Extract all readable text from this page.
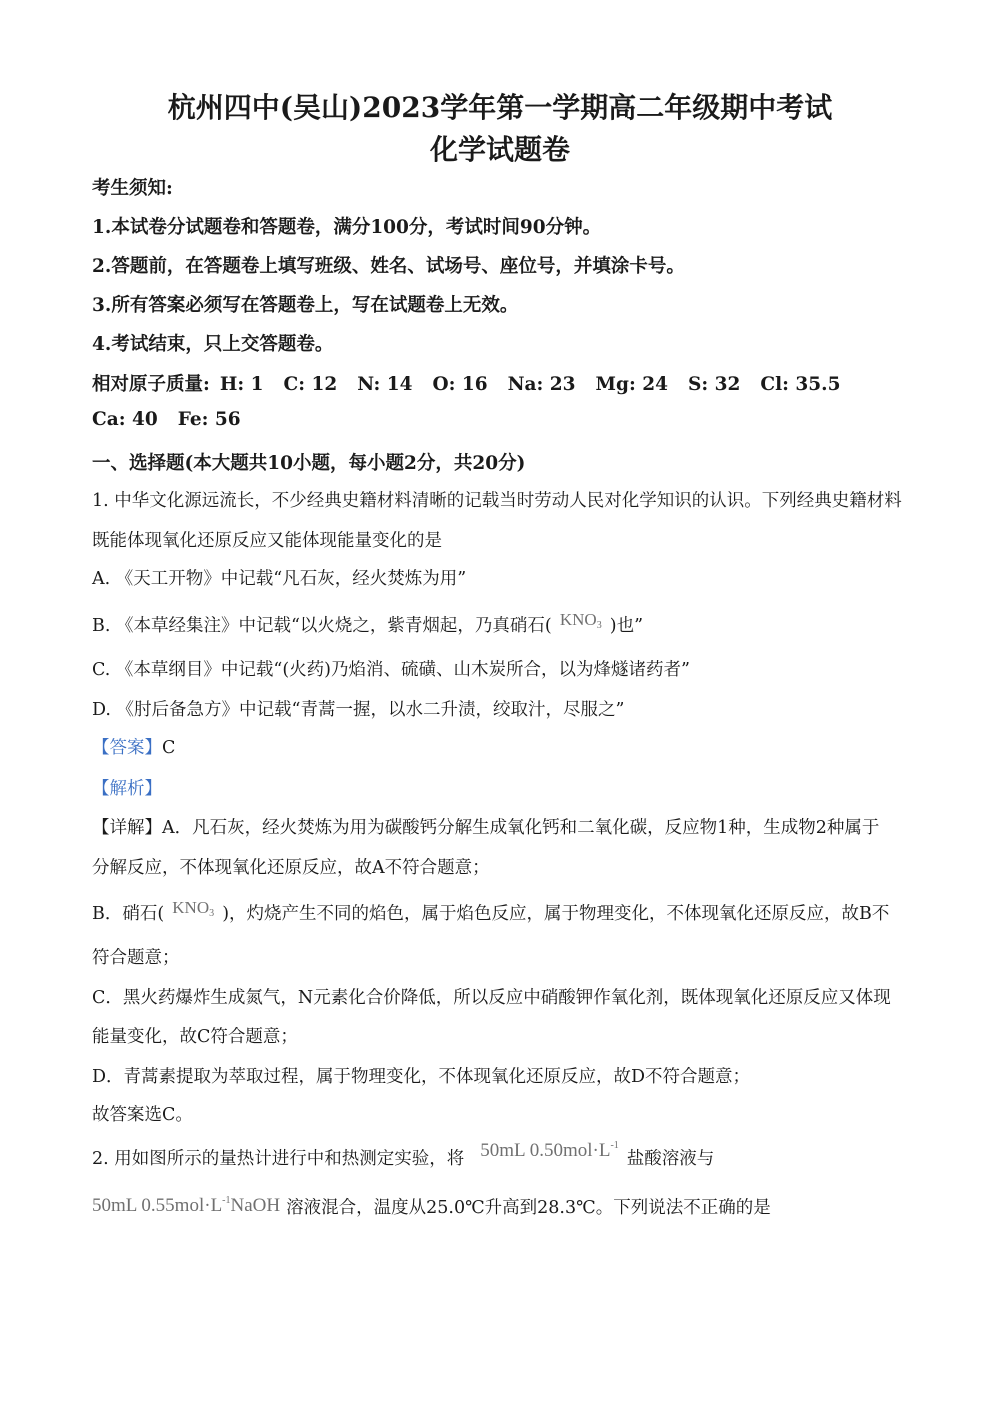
杭州四中(吴山)2023学年第一学期高二年级期中考试
化学试题卷
考生须知:
1.本试卷分试题卷和答题卷，满分100分，考试时间90分钟。
2.答题前，在答题卷上填写班级、姓名、试场号、座位号，并填涂卡号。
3.所有答案必须写在答题卷上，写在试题卷上无效。
4.考试结束，只上交答题卷。
相对原子质量: H: 1 C: 12 N: 14 O: 16 Na: 23 Mg: 24 S: 32 Cl: 35.5
Ca: 40 Fe: 56
一、选择题(本大题共10小题，每小题2分，共20分)
1. 中华文化源远流长，不少经典史籍材料清晰的记载当时劳动人民对化学知识的认识。下列经典史籍材料
既能体现氧化还原反应又能体现能量变化的是
A. 《天工开物》中记载“凡石灰，经火焚炼为用”
B. 《本草经集注》中记载“以火烧之，紫青烟起，乃真硝石( $KNO_3$ )也”
C. 《本草纲目》中记载“(火药)乃焰消、硫磺、山木炭所合，以为烽燧诸药者”
D. 《肘后备急方》中记载“青蒿一握，以水二升渍，绞取汁，尽服之”
【答案】C
【解析】
【详解】A．凡石灰，经火焚炼为用为碳酸钙分解生成氧化钙和二氧化碳，反应物1种，生成物2种属于
分解反应，不体现氧化还原反应，故A不符合题意；
B．硝石( $KNO_3$ )，灼烧产生不同的焰色，属于焰色反应，属于物理变化，不体现氧化还原反应，故B不
符合题意；
C．黑火药爆炸生成氮气，N元素化合价降低，所以反应中硝酸钾作氧化剂，既体现氧化还原反应又体现
能量变化，故C符合题意；
D．青蒿素提取为萃取过程，属于物理变化，不体现氧化还原反应，故D不符合题意；
故答案选C。
2. 用如图所示的量热计进行中和热测定实验，将 50mL $0.50mol\cdot L^{-1}$盐酸溶液与
50mL $0.55mol\cdot L^{-1}NaOH$ 溶液混合，温度从25.0℃升高到28.3℃。下列说法不正确的是
